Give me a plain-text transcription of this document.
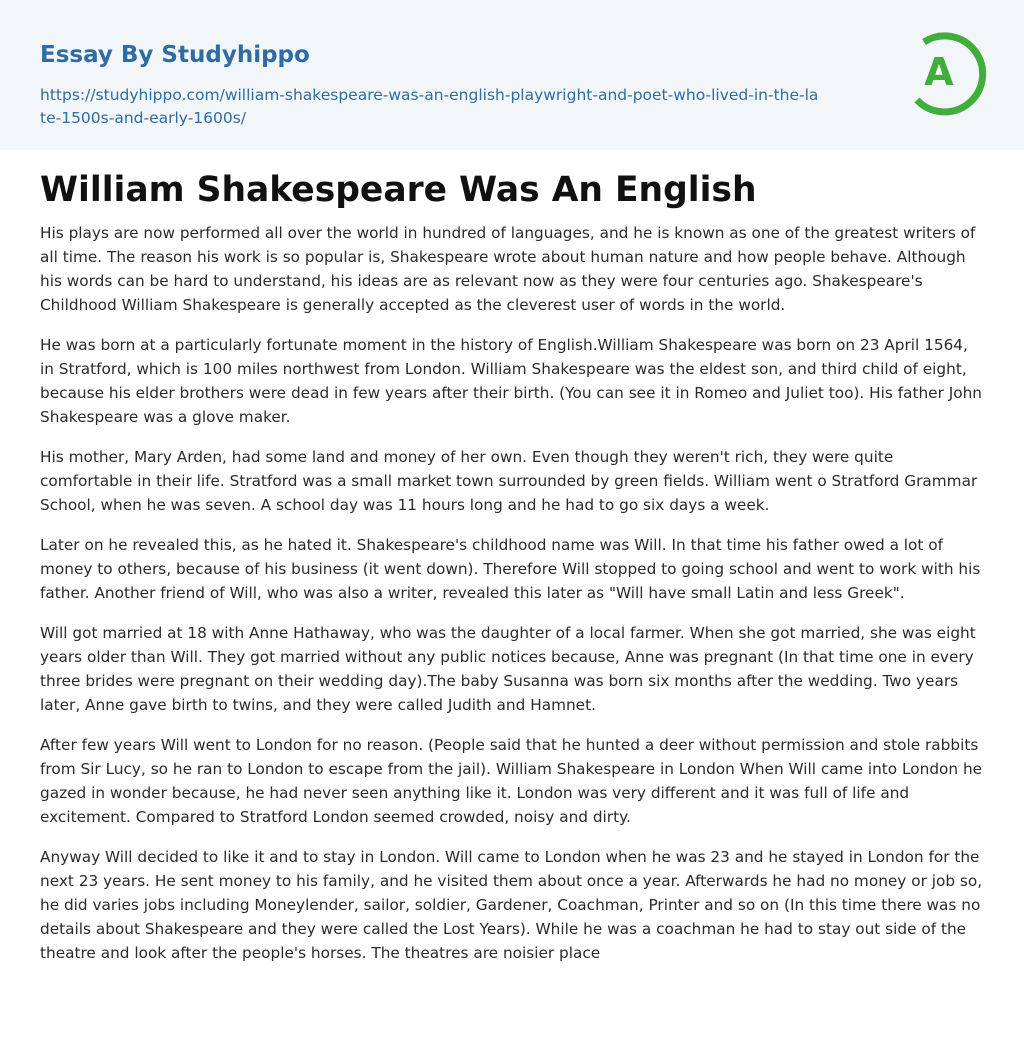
Essay By Studyhippo
https://studyhippo.com/william-shakespeare-was-an-english-playwright-and-poet-who-lived-in-the-late-1500s-and-early-1600s/
A
William Shakespeare Was An English

His plays are now performed all over the world in hundred of languages, and he is known as one of the greatest writers of all time. The reason his work is so popular is, Shakespeare wrote about human nature and how people behave. Although his words can be hard to understand, his ideas are as relevant now as they were four centuries ago. Shakespeare's Childhood William Shakespeare is generally accepted as the cleverest user of words in the world.

He was born at a particularly fortunate moment in the history of English.William Shakespeare was born on 23 April 1564, in Stratford, which is 100 miles northwest from London. William Shakespeare was the eldest son, and third child of eight, because his elder brothers were dead in few years after their birth. (You can see it in Romeo and Juliet too). His father John Shakespeare was a glove maker.

His mother, Mary Arden, had some land and money of her own. Even though they weren't rich, they were quite comfortable in their life. Stratford was a small market town surrounded by green fields. William went o Stratford Grammar School, when he was seven. A school day was 11 hours long and he had to go six days a week.

Later on he revealed this, as he hated it. Shakespeare's childhood name was Will. In that time his father owed a lot of money to others, because of his business (it went down). Therefore Will stopped to going school and went to work with his father. Another friend of Will, who was also a writer, revealed this later as "Will have small Latin and less Greek".

Will got married at 18 with Anne Hathaway, who was the daughter of a local farmer. When she got married, she was eight years older than Will. They got married without any public notices because, Anne was pregnant (In that time one in every three brides were pregnant on their wedding day).The baby Susanna was born six months after the wedding. Two years later, Anne gave birth to twins, and they were called Judith and Hamnet.

After few years Will went to London for no reason. (People said that he hunted a deer without permission and stole rabbits from Sir Lucy, so he ran to London to escape from the jail). William Shakespeare in London When Will came into London he gazed in wonder because, he had never seen anything like it. London was very different and it was full of life and excitement. Compared to Stratford London seemed crowded, noisy and dirty.

Anyway Will decided to like it and to stay in London. Will came to London when he was 23 and he stayed in London for the next 23 years. He sent money to his family, and he visited them about once a year. Afterwards he had no money or job so, he did varies jobs including Moneylender, sailor, soldier, Gardener, Coachman, Printer and so on (In this time there was no details about Shakespeare and they were called the Lost Years). While he was a coachman he had to stay out side of the theatre and look after the people's horses. The theatres are noisier place
